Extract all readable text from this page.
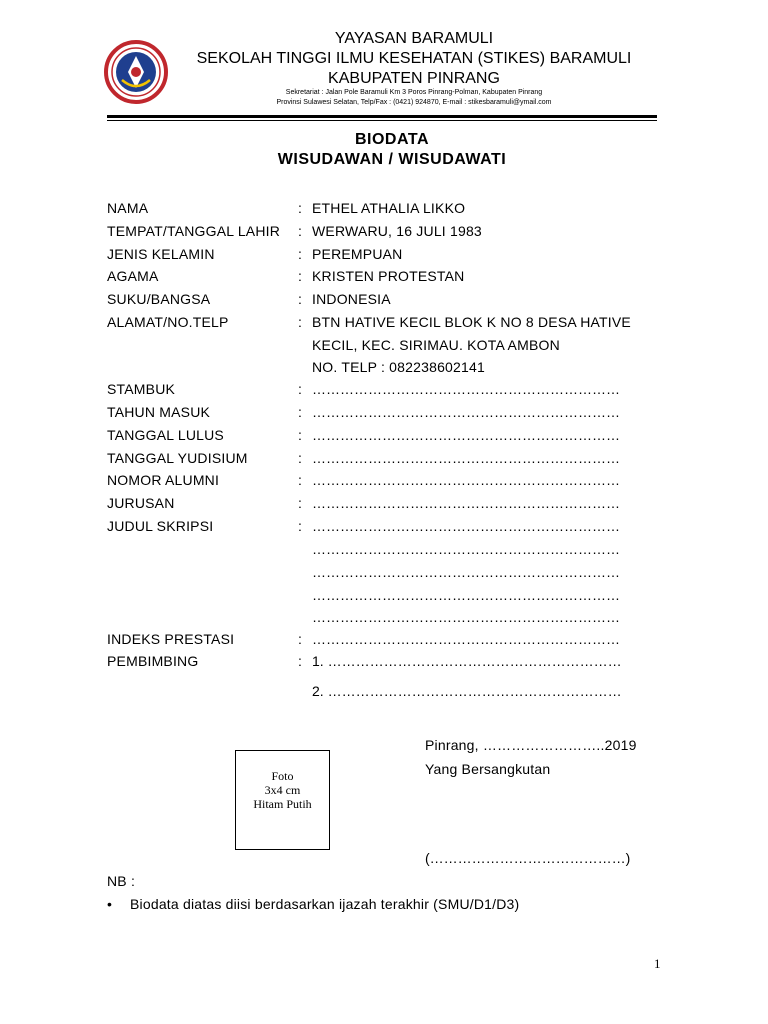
YAYASAN BARAMULI
SEKOLAH TINGGI ILMU KESEHATAN (STIKES) BARAMULI
KABUPATEN PINRANG
Sekretariat : Jalan Pole Baramuli Km 3 Poros Pinrang-Polman, Kabupaten Pinrang
Provinsi Sulawesi Selatan, Telp/Fax : (0421) 924870, E-mail : stikesbaramuli@ymail.com
BIODATA
WISUDAWAN / WISUDAWATI
NAMA	: ETHEL ATHALIA LIKKO
TEMPAT/TANGGAL LAHIR : WERWARU, 16 JULI 1983
JENIS KELAMIN	: PEREMPUAN
AGAMA	: KRISTEN PROTESTAN
SUKU/BANGSA	: INDONESIA
ALAMAT/NO.TELP	: BTN HATIVE KECIL BLOK K NO 8 DESA HATIVE
KECIL, KEC. SIRIMAU. KOTA AMBON
NO. TELP : 082238602141
STAMBUK	: …………………………………………………………
TAHUN MASUK	: …………………………………………………………
TANGGAL LULUS	: …………………………………………………………
TANGGAL YUDISIUM	: …………………………………………………………
NOMOR ALUMNI	: …………………………………………………………
JURUSAN	: …………………………………………………………
JUDUL SKRIPSI	: …………………………………………………………
…………………………………………………………
…………………………………………………………
…………………………………………………………
…………………………………………………………
INDEKS PRESTASI	: …………………………………………………………
PEMBIMBING	: 1. ………………………………………………………
2. ………………………………………………………
Pinrang, ……………………..2019
Yang Bersangkutan
(……………………………………)
Foto
3x4 cm
Hitam Putih
NB :
• Biodata diatas diisi berdasarkan ijazah terakhir (SMU/D1/D3)
1
